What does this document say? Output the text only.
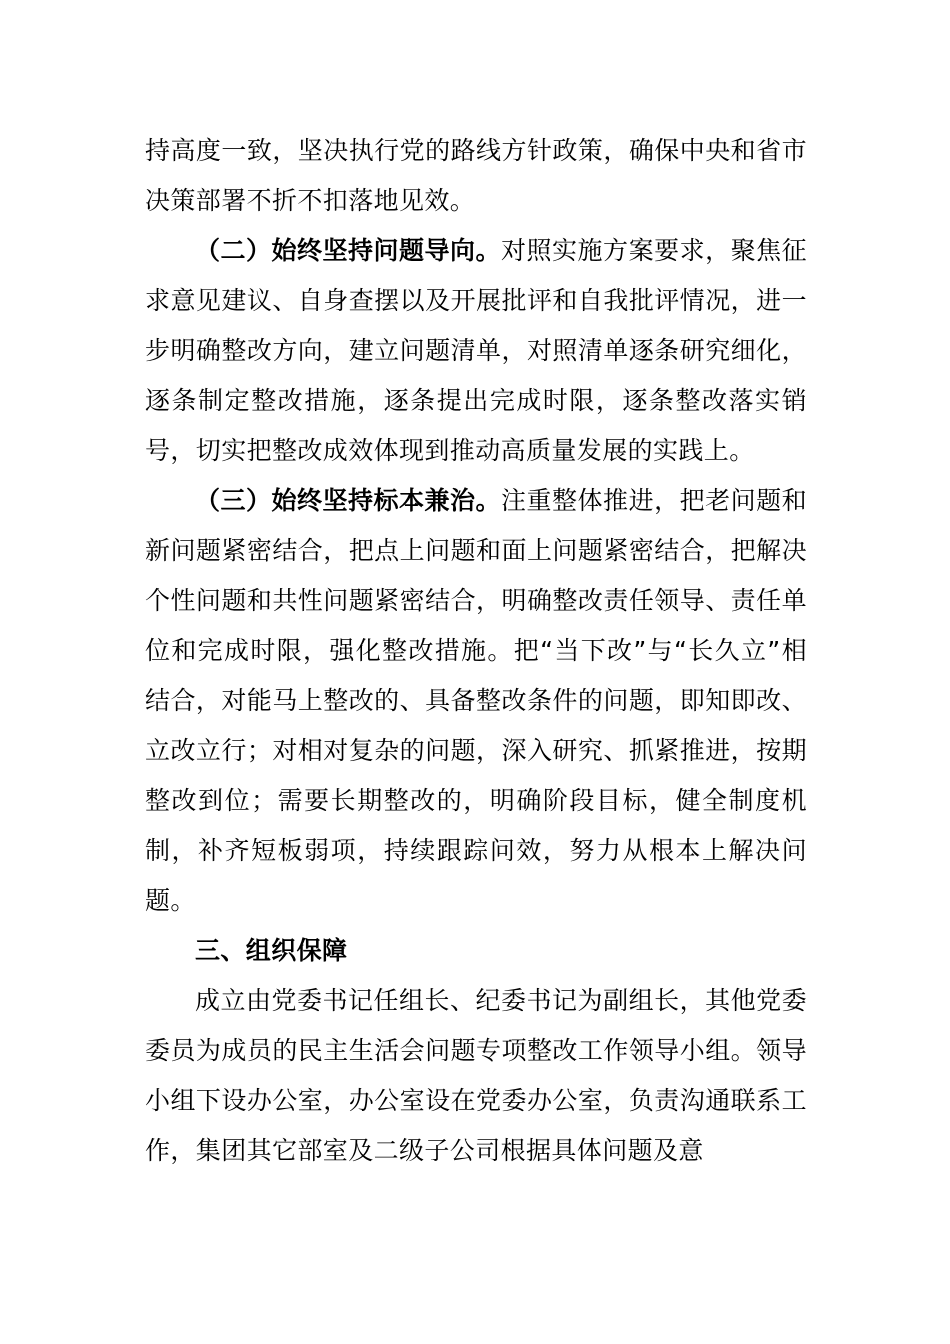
持高度一致，坚决执行党的路线方针政策，确保中央和省市决策部署不折不扣落地见效。

（二）始终坚持问题导向。对照实施方案要求，聚焦征求意见建议、自身查摆以及开展批评和自我批评情况，进一步明确整改方向，建立问题清单，对照清单逐条研究细化，逐条制定整改措施，逐条提出完成时限，逐条整改落实销号，切实把整改成效体现到推动高质量发展的实践上。

（三）始终坚持标本兼治。注重整体推进，把老问题和新问题紧密结合，把点上问题和面上问题紧密结合，把解决个性问题和共性问题紧密结合，明确整改责任领导、责任单位和完成时限，强化整改措施。把“当下改”与“长久立”相结合，对能马上整改的、具备整改条件的问题，即知即改、立改立行；对相对复杂的问题，深入研究、抓紧推进，按期整改到位；需要长期整改的，明确阶段目标，健全制度机制，补齐短板弱项，持续跟踪问效，努力从根本上解决问题。

三、组织保障

成立由党委书记任组长、纪委书记为副组长，其他党委委员为成员的民主生活会问题专项整改工作领导小组。领导小组下设办公室，办公室设在党委办公室，负责沟通联系工作，集团其它部室及二级子公司根据具体问题及意
